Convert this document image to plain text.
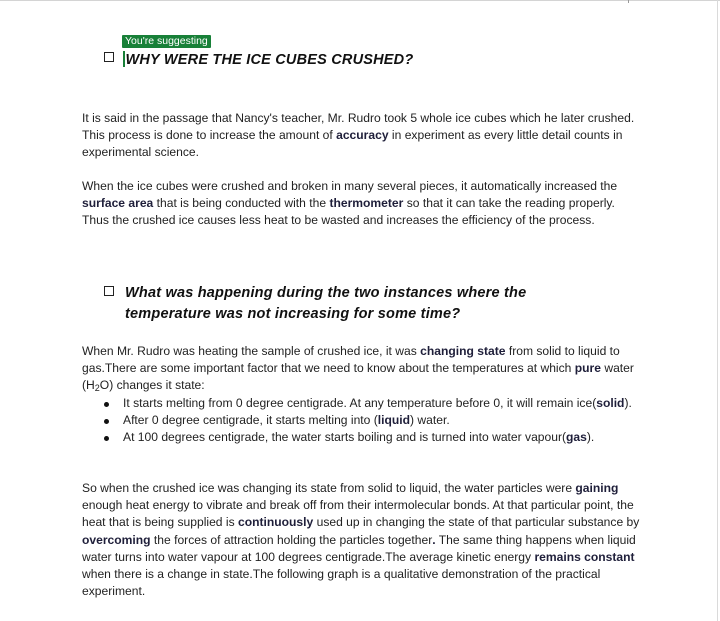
You're suggesting
WHY WERE THE ICE CUBES CRUSHED?
It is said in the passage that Nancy's teacher, Mr. Rudro took 5 whole ice cubes which he later crushed. This process is done to increase the amount of accuracy in experiment as every little detail counts in experimental science.
When the ice cubes were crushed and broken in many several pieces, it automatically increased the surface area that is being conducted with the thermometer so that it can take the reading properly. Thus the crushed ice causes less heat to be wasted and increases the efficiency of the process.
What was happening during the two instances where the
temperature was not increasing for some time?
When Mr. Rudro was heating the sample of crushed ice, it was changing state from solid to liquid to gas.There are some important factor that we need to know about the temperatures at which pure water (H2O) changes it state:
It starts melting from 0 degree centigrade. At any temperature before 0, it will remain ice(solid).
After 0 degree centigrade, it starts melting into (liquid) water.
At 100 degrees centigrade, the water starts boiling and is turned into water vapour(gas).
So when the crushed ice was changing its state from solid to liquid, the water particles were gaining enough heat energy to vibrate and break off from their intermolecular bonds. At that particular point, the heat that is being supplied is continuously used up in changing the state of that particular substance by overcoming the forces of attraction holding the particles together. The same thing happens when liquid water turns into water vapour at 100 degrees centigrade.The average kinetic energy remains constant when there is a change in state.The following graph is a qualitative demonstration of the practical experiment.
